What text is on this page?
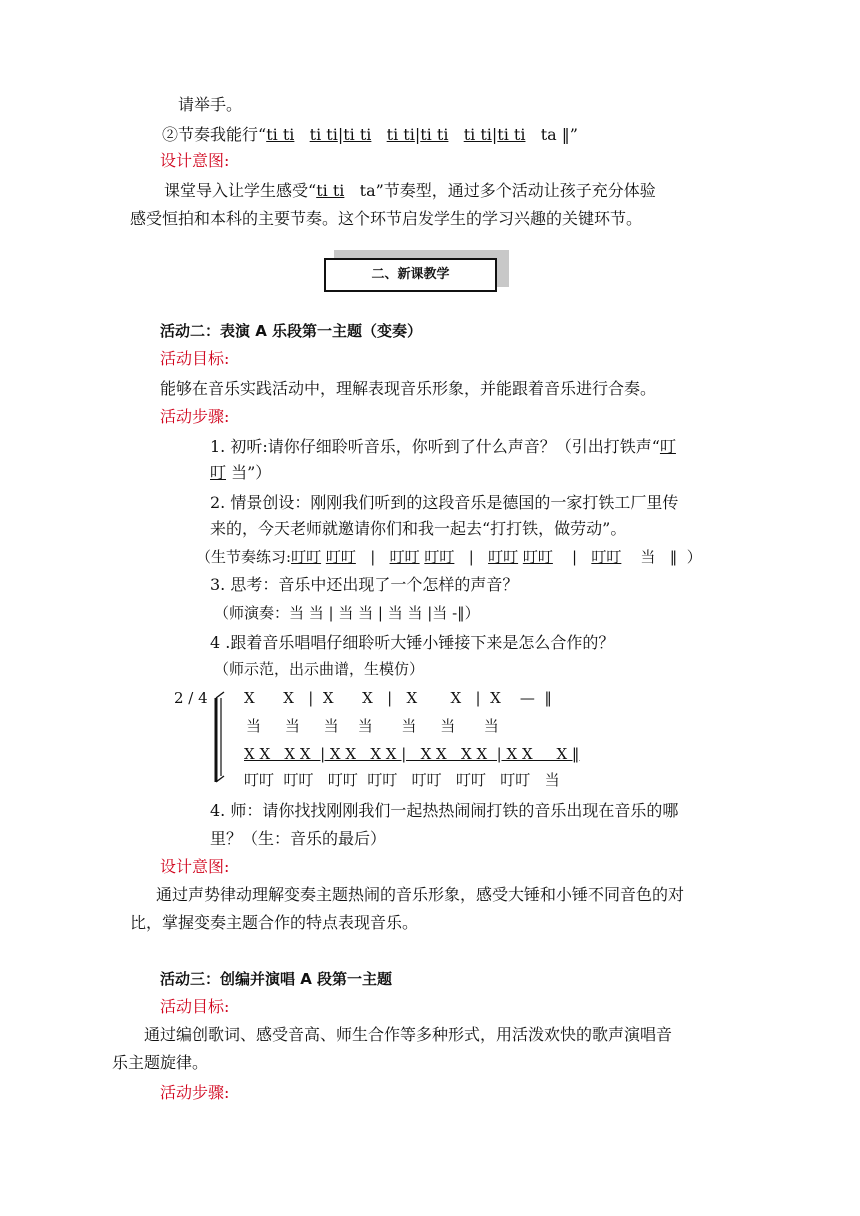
请举手。
②节奏我能行“ti ti ti ti|ti ti ti ti|ti ti ti ti|ti ti ta ‖”
设计意图:
课堂导入让学生感受“ti ti ta”节奏型，通过多个活动让孩子充分体验
感受恒拍和本科的主要节奏。这个环节启发学生的学习兴趣的关键环节。
二、新课教学
活动二：表演 A 乐段第一主题（变奏）
活动目标:
能够在音乐实践活动中，理解表现音乐形象，并能跟着音乐进行合奏。
活动步骤:
1. 初听:请你仔细聆听音乐，你听到了什么声音？（引出打铁声“叮
叮 当”）
2. 情景创设：刚刚我们听到的这段音乐是德国的一家打铁工厂里传
来的，今天老师就邀请你们和我一起去“打打铁，做劳动”。
（生节奏练习:叮叮 叮叮 | 叮叮 叮叮 | 叮叮 叮叮 | 叮叮 当 ‖ ）
3. 思考：音乐中还出现了一个怎样的声音？
（师演奏：当 当 | 当 当 | 当 当 |当 -‖）
4 .跟着音乐唱唱仔细聆听大锤小锤接下来是怎么合作的？
（师示范，出示曲谱，生模仿）
2 / 4 X      X   |  X      X   |   X       X   |  X    —  ‖
当     当     当    当      当     当      当
X X   X X  | X X   X X |   X X   X X  | X X     X ‖
叮叮  叮叮   叮叮  叮叮   叮叮   叮叮   叮叮   当
4. 师：请你找找刚刚我们一起热热闹闹打铁的音乐出现在音乐的哪
里？（生：音乐的最后）
设计意图:
通过声势律动理解变奏主题热闹的音乐形象，感受大锤和小锤不同音色的对
比，掌握变奏主题合作的特点表现音乐。
活动三：创编并演唱 A 段第一主题
活动目标:
通过编创歌词、感受音高、师生合作等多种形式，用活泼欢快的歌声演唱音
乐主题旋律。
活动步骤:
